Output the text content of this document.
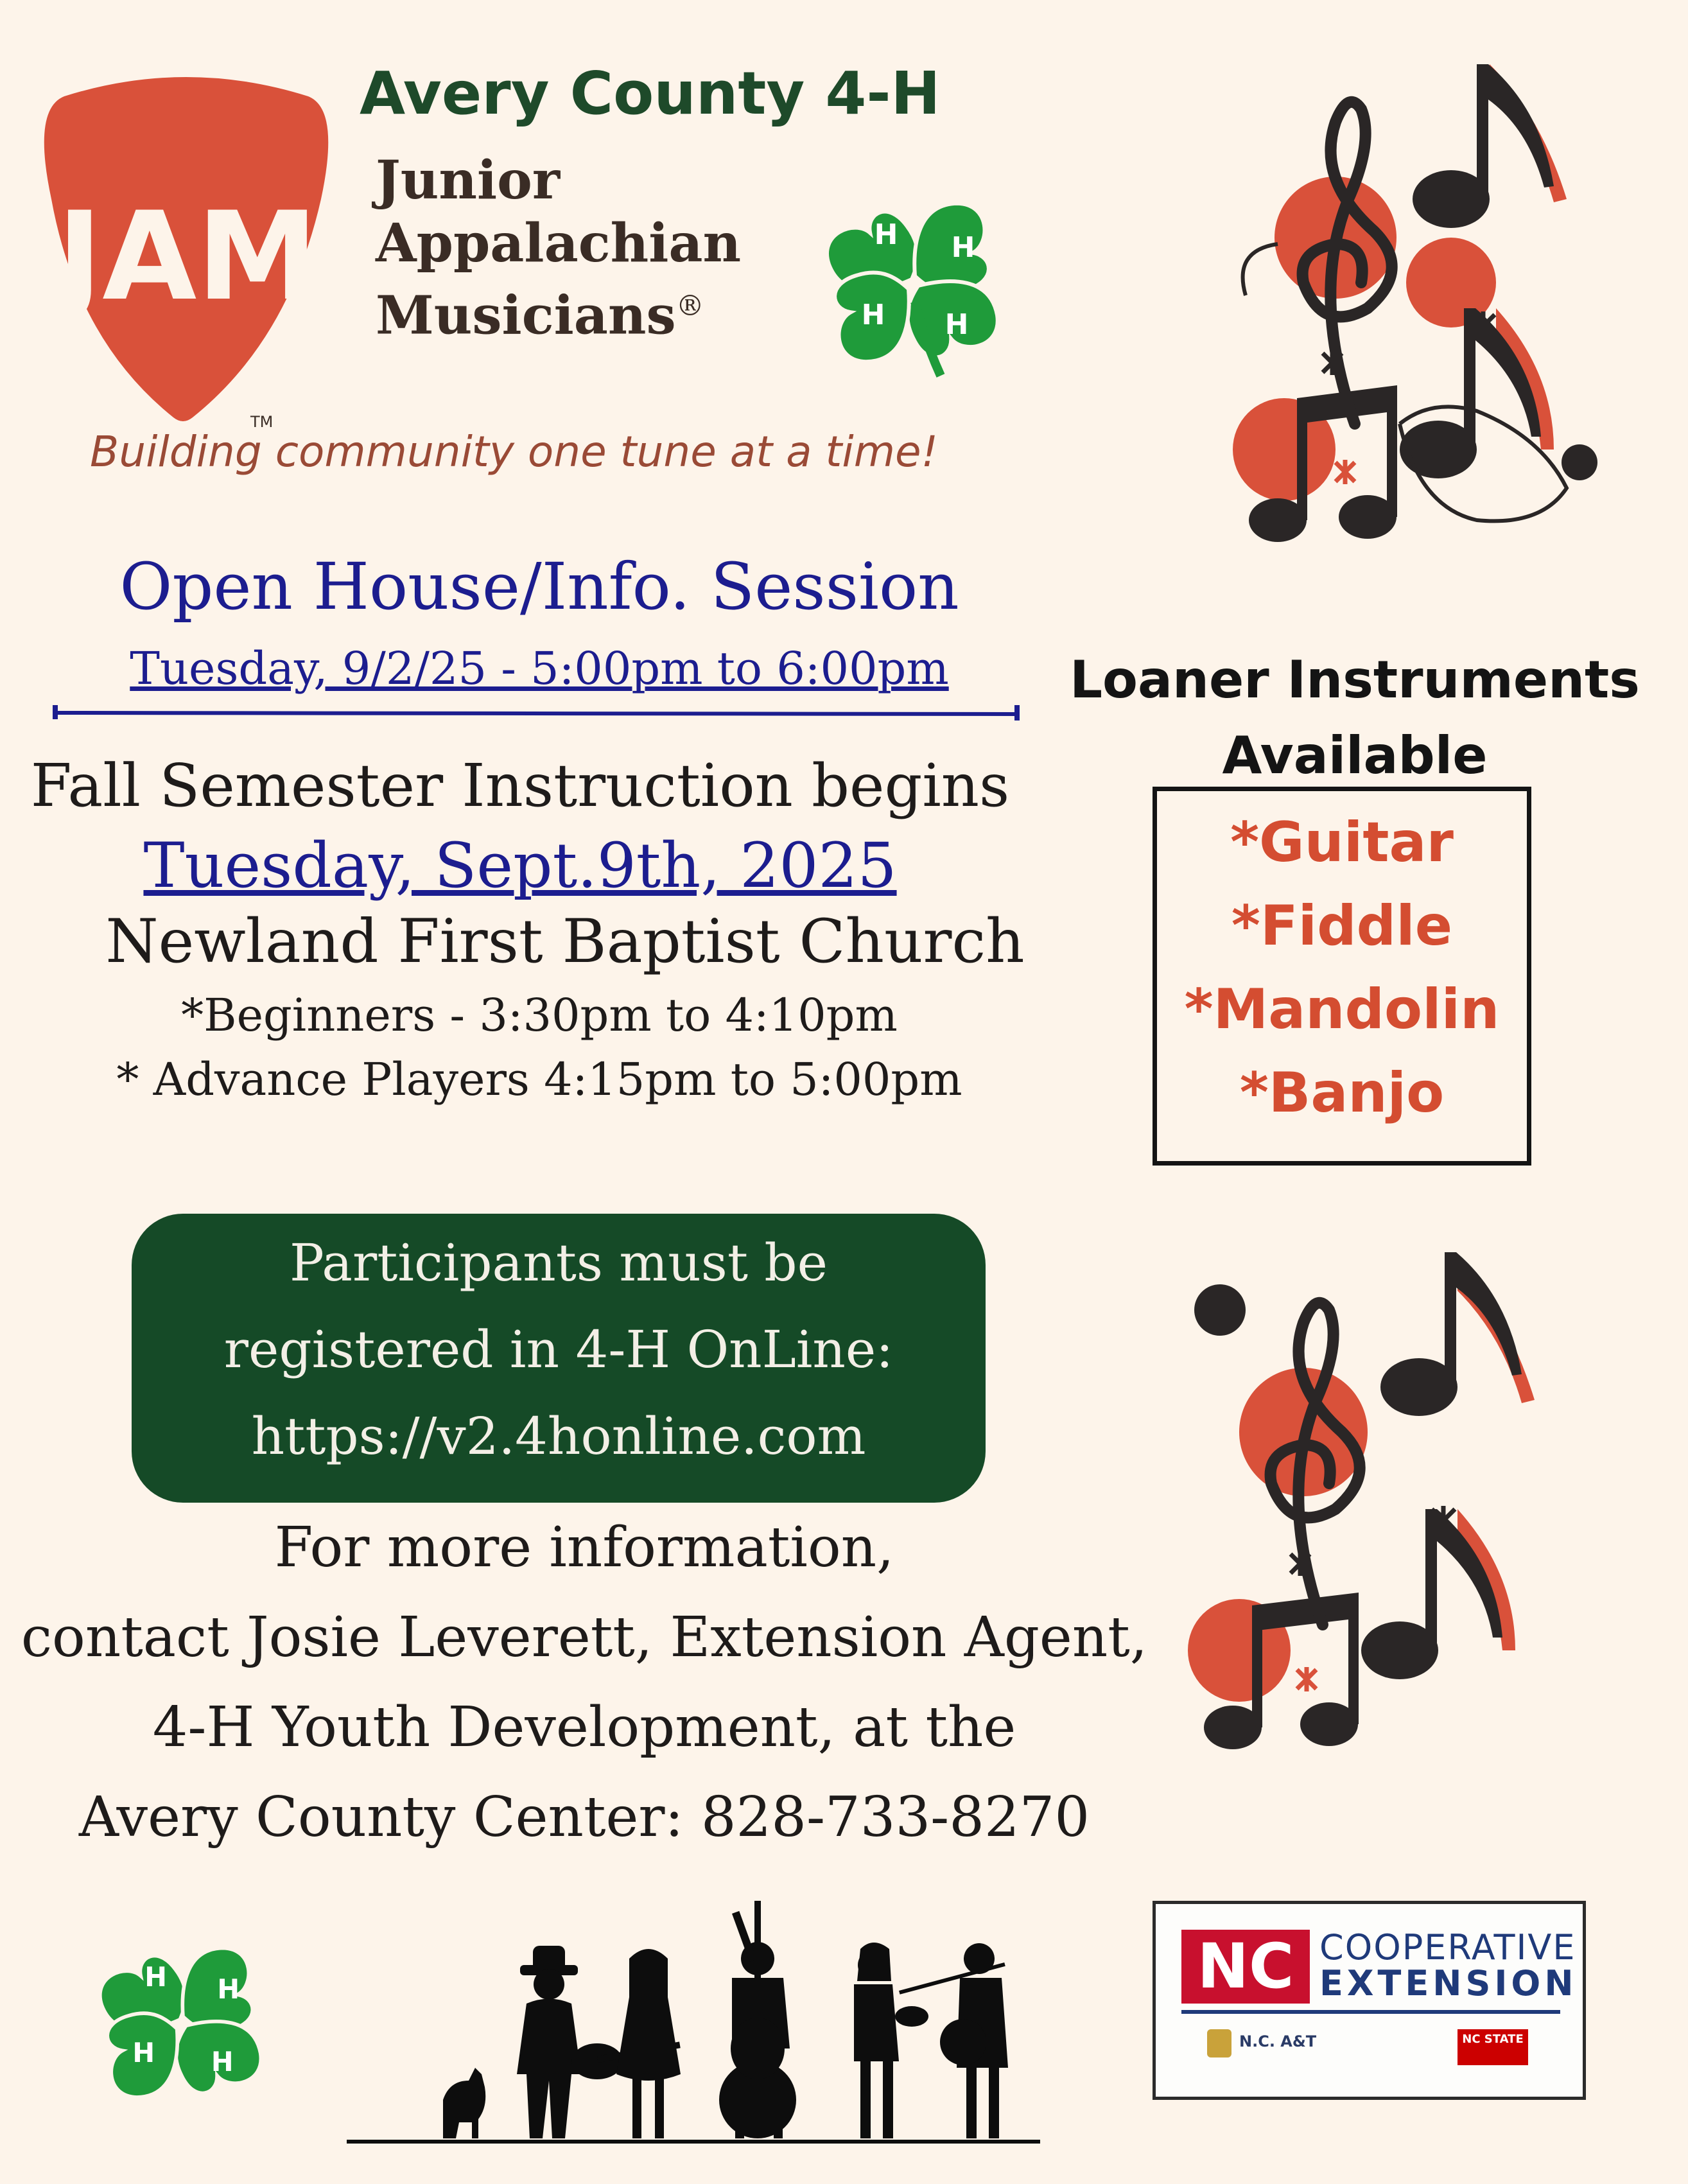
JAM
TM
Avery County 4-H
Junior
Appalachian
Musicians®
H H
H
H
Building community one tune at a time!
Open House/Info. Session
Tuesday, 9/2/25 - 5:00pm to 6:00pm
Fall Semester Instruction begins
Tuesday, Sept.9th, 2025
Newland First Baptist Church
*Beginners - 3:30pm to 4:10pm
* Advance Players 4:15pm to 5:00pm
Loaner Instruments
Available
*Guitar
*Fiddle
*Mandolin
*Banjo
Participants must be
registered in 4-H OnLine:
https://v2.4honline.com
For more information,
contact Josie Leverett, Extension Agent,
4-H Youth Development, at the
Avery County Center: 828-733-8270
H H
H
H
NC COOPERATIVE
EXTENSION
N.C. A&T	NC STATE
